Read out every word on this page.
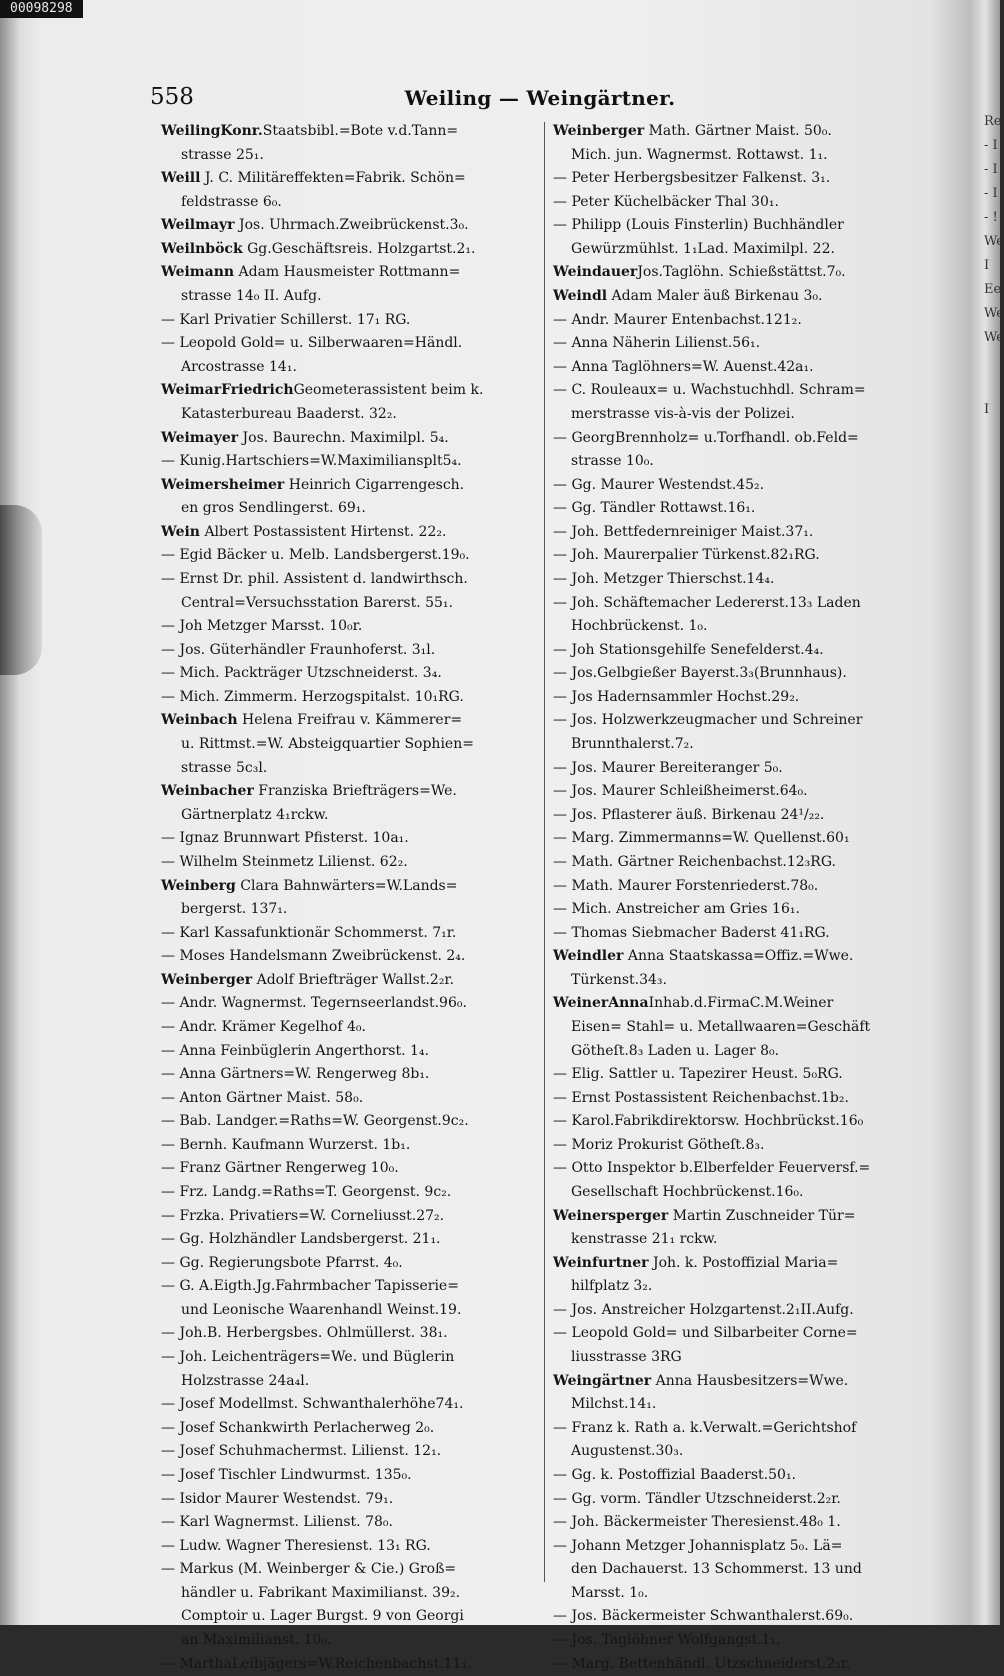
00098298
558	Weiling — Weingärtner.
WeilingKonr.Staatsbibl.=Bote v.d.Tann=
strasse 25₁.
Weill J. C. Militäreffekten=Fabrik. Schön=
feldstrasse 6₀.
Weilmayr Jos. Uhrmach.Zweibrückenst.3₀.
Weilnböck Gg.Geschäftsreis. Holzgartst.2₁.
Weimann Adam Hausmeister Rottmann=
strasse 14₀ II. Aufg.
— Karl Privatier Schillerst. 17₁ RG.
— Leopold Gold= u. Silberwaaren=Händl.
Arcostrasse 14₁.
WeimarFriedrichGeometerassistent beim k.
Katasterbureau Baaderst. 32₂.
Weimayer Jos. Baurechn. Maximilpl. 5₄.
— Kunig.Hartschiers=W.Maximiliansplt5₄.
Weimersheimer Heinrich Cigarrengesch.
en gros Sendlingerst. 69₁.
Wein Albert Postassistent Hirtenst. 22₂.
— Egid Bäcker u. Melb. Landsbergerst.19₀.
— Ernst Dr. phil. Assistent d. landwirthsch.
Central=Versuchsstation Barerst. 55₁.
— Joh Metzger Marsst. 10₀r.
— Jos. Güterhändler Fraunhoferst. 3₁l.
— Mich. Packträger Utzschneiderst. 3₄.
— Mich. Zimmerm. Herzogspitalst. 10₁RG.
Weinbach Helena Freifrau v. Kämmerer=
u. Rittmst.=W. Absteigquartier Sophien=
strasse 5c₃l.
Weinbacher Franziska Briefträgers=We.
Gärtnerplatz 4₁rckw.
— Ignaz Brunnwart Pfisterst. 10a₁.
— Wilhelm Steinmetz Lilienst. 62₂.
Weinberg Clara Bahnwärters=W.Lands=
bergerst. 137₁.
— Karl Kassafunktionär Schommerst. 7₁r.
— Moses Handelsmann Zweibrückenst. 2₄.
Weinberger Adolf Briefträger Wallst.2₂r.
— Andr. Wagnermst. Tegernseerlandst.96₀.
— Andr. Krämer Kegelhof 4₀.
— Anna Feinbüglerin Angerthorst. 1₄.
— Anna Gärtners=W. Rengerweg 8b₁.
— Anton Gärtner Maist. 58₀.
— Bab. Landger.=Raths=W. Georgenst.9c₂.
— Bernh. Kaufmann Wurzerst. 1b₁.
— Franz Gärtner Rengerweg 10₀.
— Frz. Landg.=Raths=T. Georgenst. 9c₂.
— Frzka. Privatiers=W. Corneliusst.27₂.
— Gg. Holzhändler Landsbergerst. 21₁.
— Gg. Regierungsbote Pfarrst. 4₀.
— G. A.Eigth.Jg.Fahrmbacher Tapisserie=
und Leonische Waarenhandl Weinst.19.
— Joh.B. Herbergsbes. Ohlmüllerst. 38₁.
— Joh. Leichenträgers=We. und Büglerin
Holzstrasse 24a₄l.
— Josef Modellmst. Schwanthalerhöhe74₁.
— Josef Schankwirth Perlacherweg 2₀.
— Josef Schuhmachermst. Lilienst. 12₁.
— Josef Tischler Lindwurmst. 135₀.
— Isidor Maurer Westendst. 79₁.
— Karl Wagnermst. Lilienst. 78₀.
— Ludw. Wagner Theresienst. 13₁ RG.
— Markus (M. Weinberger & Cie.) Groß=
händler u. Fabrikant Maximilianst. 39₂.
Comptoir u. Lager Burgst. 9 von Georgi
an Maximilianst. 10₀.
— MarthaLeibjägers=W.Reichenbachst.11₁.
Weinberger Math. Gärtner Maist. 50₀.
Mich. jun. Wagnermst. Rottawst. 1₁.
— Peter Herbergsbesitzer Falkenst. 3₁.
— Peter Küchelbäcker Thal 30₁.
— Philipp (Louis Finsterlin) Buchhändler
Gewürzmühlst. 1₁Lad. Maximilpl. 22.
WeindauerJos.Taglöhn. Schießstättst.7₀.
Weindl Adam Maler äuß Birkenau 3₀.
— Andr. Maurer Entenbachst.121₂.
— Anna Näherin Lilienst.56₁.
— Anna Taglöhners=W. Auenst.42a₁.
— C. Rouleaux= u. Wachstuchhdl. Schram=
merstrasse vis-à-vis der Polizei.
— GeorgBrennholz= u.Torfhandl. ob.Feld=
strasse 10₀.
— Gg. Maurer Westendst.45₂.
— Gg. Tändler Rottawst.16₁.
— Joh. Bettfedernreiniger Maist.37₁.
— Joh. Maurerpalier Türkenst.82₁RG.
— Joh. Metzger Thierschst.14₄.
— Joh. Schäftemacher Ledererst.13₃ Laden
Hochbrückenst. 1₀.
— Joh Stationsgehilfe Senefelderst.4₄.
— Jos.Gelbgießer Bayerst.3₃(Brunnhaus).
— Jos Hadernsammler Hochst.29₂.
— Jos. Holzwerkzeugmacher und Schreiner
Brunnthalerst.7₂.
— Jos. Maurer Bereiteranger 5₀.
— Jos. Maurer Schleißheimerst.64₀.
— Jos. Pflasterer äuß. Birkenau 24¹/₂₂.
— Marg. Zimmermanns=W. Quellenst.60₁
— Math. Gärtner Reichenbachst.12₃RG.
— Math. Maurer Forstenriederst.78₀.
— Mich. Anstreicher am Gries 16₁.
— Thomas Siebmacher Baderst 41₁RG.
Weindler Anna Staatskassa=Offiz.=Wwe.
Türkenst.34₃.
WeinerAnnaInhab.d.FirmaC.M.Weiner
Eisen= Stahl= u. Metallwaaren=Geschäft
Götheſt.8₃ Laden u. Lager 8₀.
— Elig. Sattler u. Tapezirer Heust. 5₀RG.
— Ernst Postassistent Reichenbachst.1b₂.
— Karol.Fabrikdirektorsw. Hochbrückst.16₀
— Moriz Prokurist Götheſt.8₃.
— Otto Inspektor b.Elberfelder Feuerversf.=
Gesellschaft Hochbrückenst.16₀.
Weinersperger Martin Zuschneider Tür=
kenstrasse 21₁ rckw.
Weinfurtner Joh. k. Postoffizial Maria=
hilfplatz 3₂.
— Jos. Anstreicher Holzgartenst.2₁II.Aufg.
— Leopold Gold= und Silbarbeiter Corne=
liusstrasse 3RG
Weingärtner Anna Hausbesitzers=Wwe.
Milchst.14₁.
— Franz k. Rath a. k.Verwalt.=Gerichtshof
Augustenst.30₃.
— Gg. k. Postoffizial Baaderst.50₁.
— Gg. vorm. Tändler Utzschneiderst.2₂r.
— Joh. Bäckermeister Theresienst.48₀ 1.
— Johann Metzger Johannisplatz 5₀. Lä=
den Dachauerst. 13 Schommerst. 13 und
Marsst. 1₀.
— Jos. Bäckermeister Schwanthalerst.69₀.
— Jos. Taglöhner Wolfgangst.1₁.
— Marg. Bettenhändl. Utzschneiderst.2₂r.
Re
- I
- I
- I
- !
We
I
Ee
We
We

I
